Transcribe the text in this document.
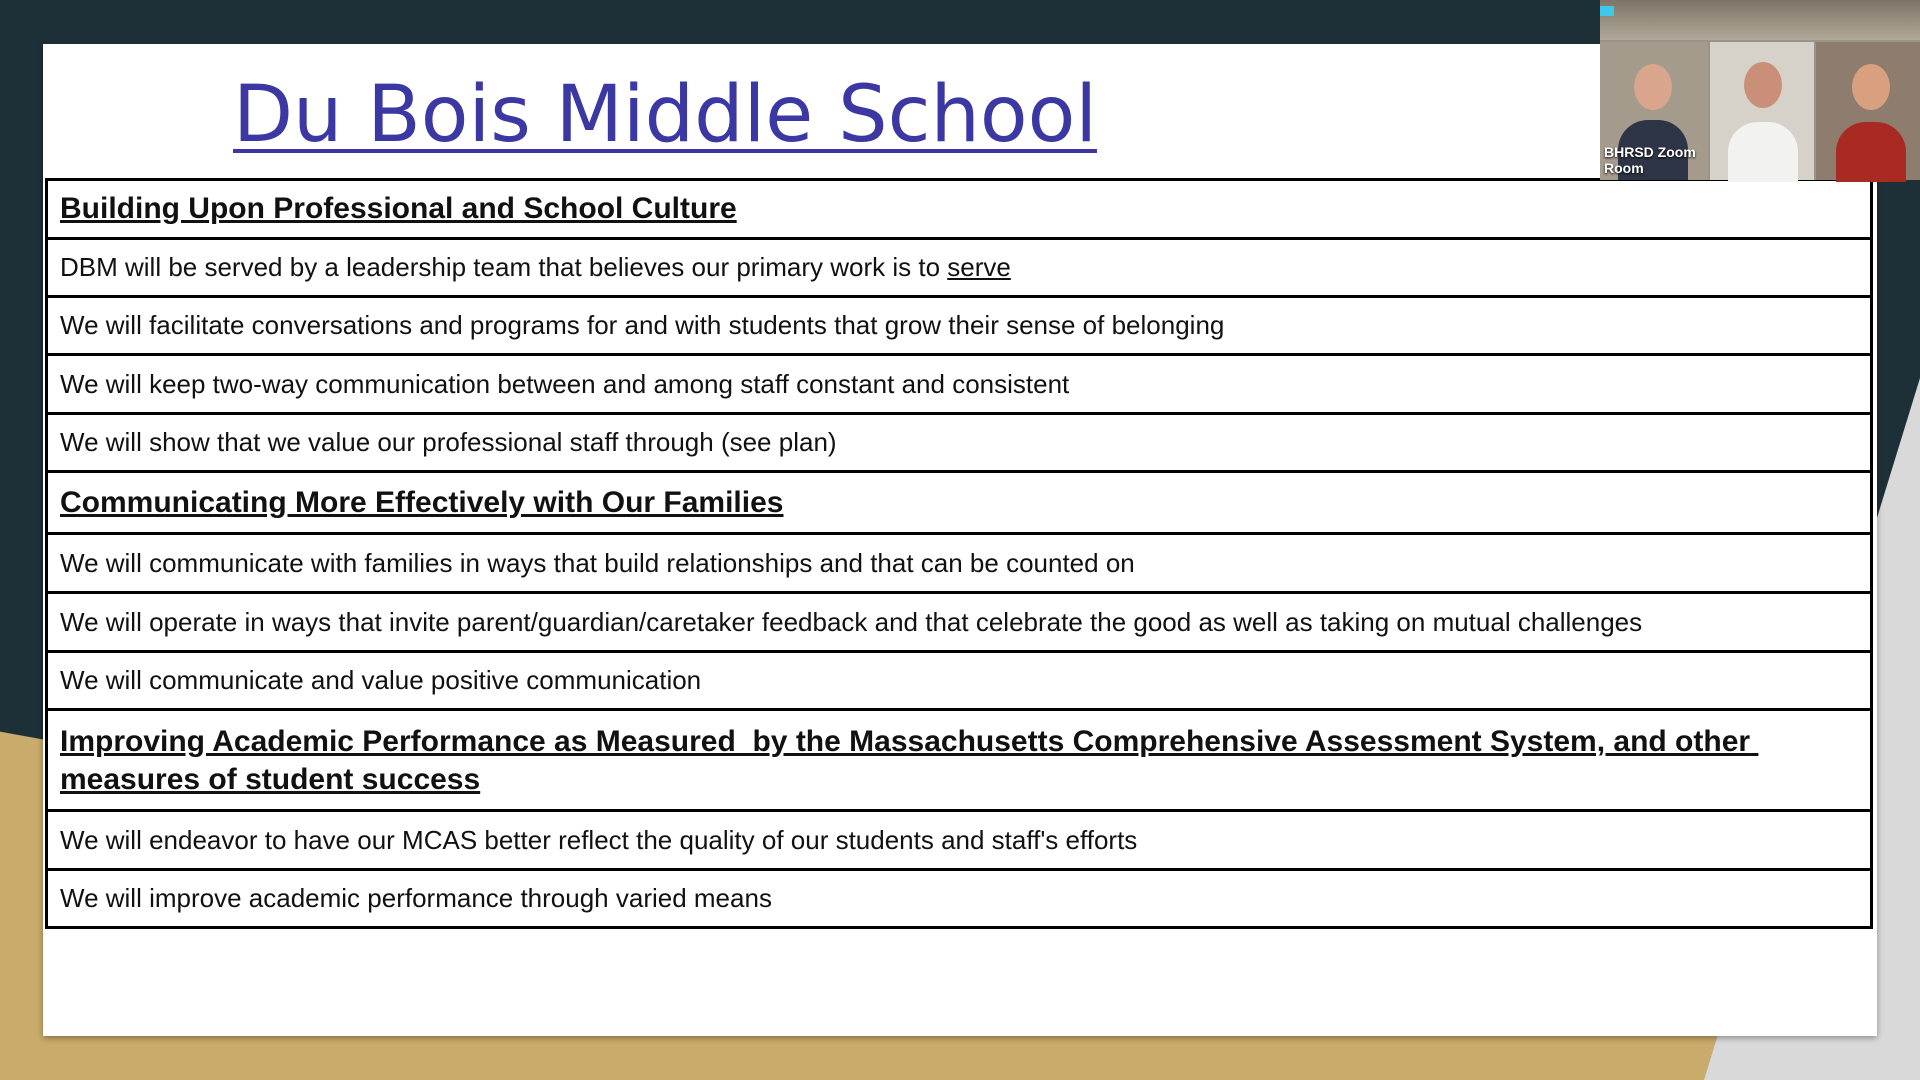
Du Bois Middle School
Building Upon Professional and School Culture
DBM will be served by a leadership team that believes our primary work is to serve
We will facilitate conversations and programs for and with students that grow their sense of belonging
We will keep two-way communication between and among staff constant and consistent
We will show that we value our professional staff through (see plan)
Communicating More Effectively with Our Families
We will communicate with families in ways that build relationships and that can be counted on
We will operate in ways that invite parent/guardian/caretaker feedback and that celebrate the good as well as taking on mutual challenges
We will communicate and value positive communication
Improving Academic Performance as Measured  by the Massachusetts Comprehensive Assessment System, and other measures of student success
We will endeavor to have our MCAS better reflect the quality of our students and staff's efforts
We will improve academic performance through varied means
BHRSD Zoom Room
